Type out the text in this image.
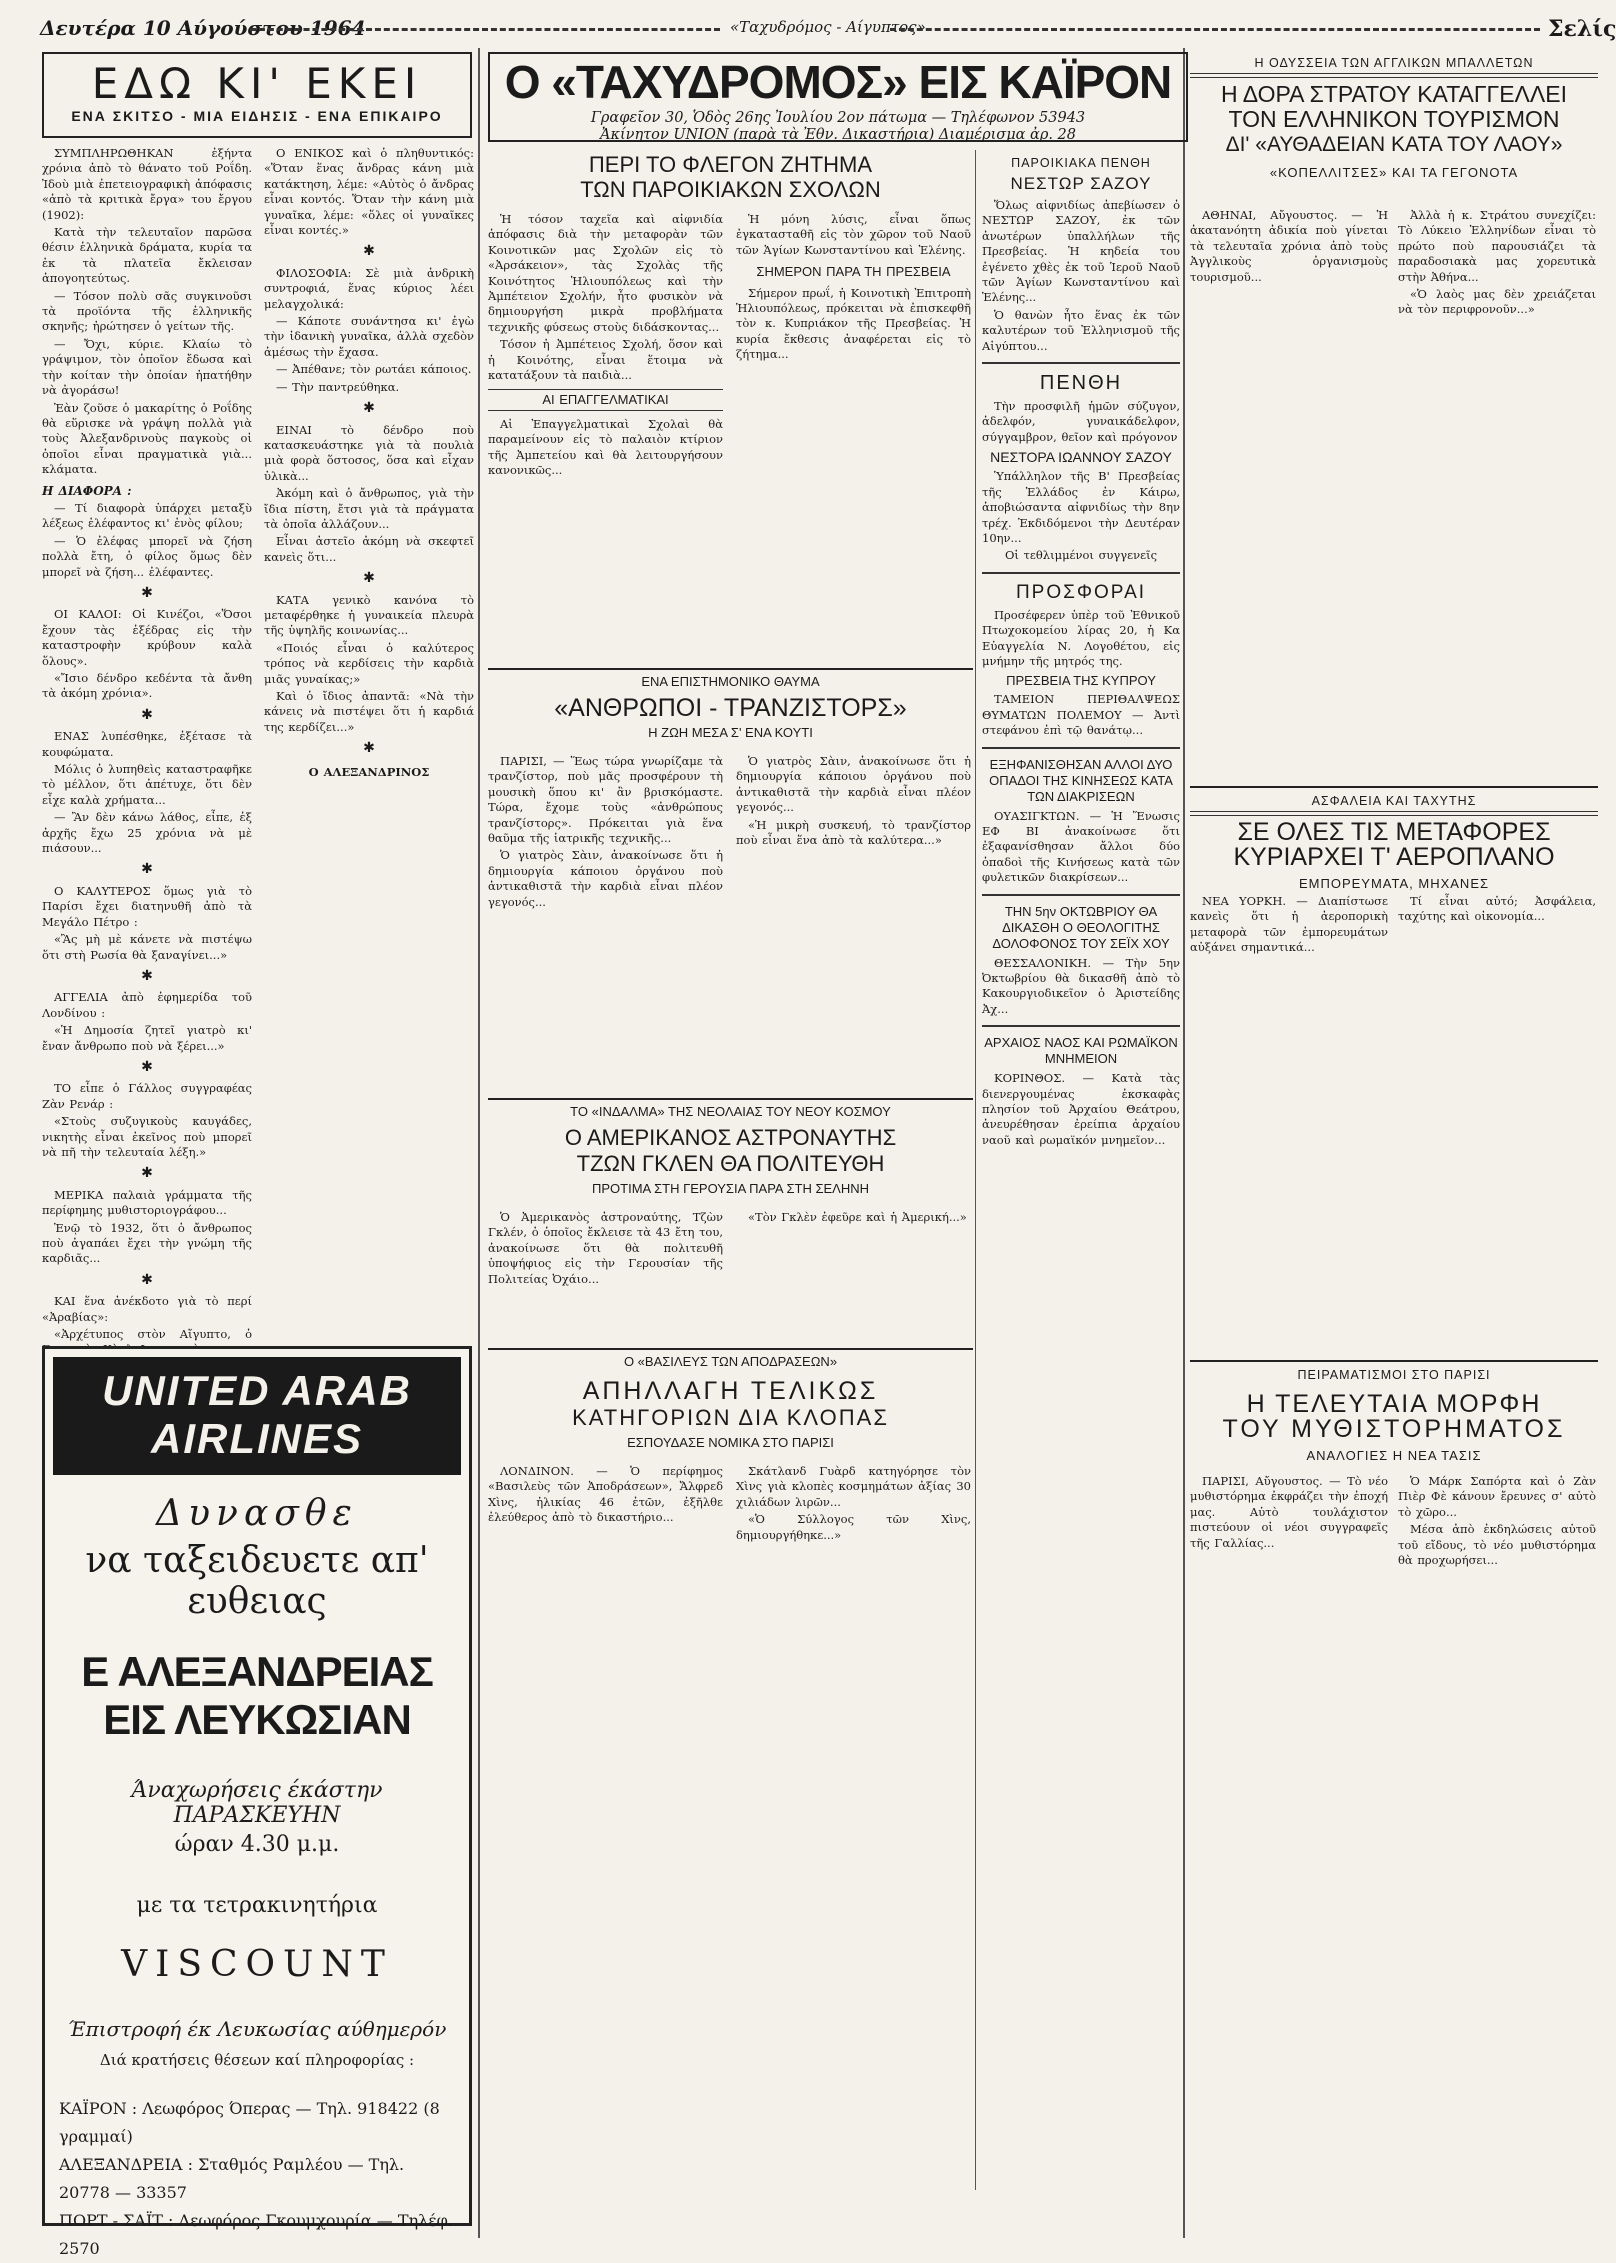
Δευτέρα 10 Αύγούστου 1964	«Ταχυδρόμος - Αίγυπτος»	Σελίς
ΕΔΩ ΚΙ' ΕΚΕΙ
ΕΝΑ ΣΚΙΤΣΟ - ΜΙΑ ΕΙΔΗΣΙΣ - ΕΝΑ ΕΠΙΚΑΙΡΟ

ΣΥΜΠΛΗΡΩΘΗΚΑΝ ἐξήντα χρόνια ἀπὸ τὸ θάνατο τοῦ Ροΐδη. Ἰδοὺ μιὰ ἐπετειογραφικὴ ἀπόφασις «ἀπὸ τὰ κριτικὰ ἔργα» του ἔργου (1902):

Κατὰ τὴν τελευταῖον παρῶσα θέσιν ἑλληνικὰ δράματα, κυρία τα ἐκ τὰ πλατεῖα ἔκλεισαν ἀπογοητεύτως.

— Τόσον πολὺ σᾶς συγκινοῦσι τὰ προϊόντα τῆς ἑλληνικῆς σκηνῆς; ἠρώτησεν ὁ γείτων τῆς.

— Ὄχι, κύριε. Κλαίω τὸ γράψιμον, τὸν ὁποῖον ἔδωσα καὶ τὴν κοίταν τὴν ὁποίαν ἠπατήθην νὰ ἀγοράσω!

Ἐὰν ζοῦσε ὁ μακαρίτης ὁ Ροΐδης θὰ εὕρισκε νὰ γράψη πολλὰ γιὰ τοὺς Ἀλεξανδρινοὺς παγκοὺς οἱ ὁποῖοι εἶναι πραγματικὰ γιὰ... κλάματα.

Η ΔΙΑΦΟΡΑ :

— Τί διαφορὰ ὑπάρχει μεταξὺ λέξεως ἐλέφαντος κι' ἑνὸς φίλου;

— Ὁ ἐλέφας μπορεῖ νὰ ζήση πολλὰ ἔτη, ὁ φίλος ὅμως δὲν μπορεῖ νὰ ζήση... ἐλέφαντες.

✱

ΟΙ ΚΑΛΟΙ: Οἱ Κινέζοι, «Ὅσοι ἔχουν τὰς ἐξέδρας εἰς τὴν καταστροφὴν κρύβουν καλὰ ὅλους».

«Ἴσιο δένδρο κεδέντα τὰ ἄνθη τὰ ἀκόμη χρόνια».

✱

ΕΝΑΣ λυπέσθηκε, ἐξέτασε τὰ κουφώματα.

Μόλις ὁ λυπηθεὶς καταστραφῆκε τὸ μέλλον, ὅτι ἀπέτυχε, ὅτι δὲν εἶχε καλὰ χρήματα...

— Ἂν δὲν κάνω λάθος, εἶπε, ἐξ ἀρχῆς ἔχω 25 χρόνια νὰ μὲ πιάσουν...

✱

Ο ΚΑΛΥΤΕΡΟΣ ὅμως γιὰ τὸ Παρίσι ἔχει διατηνυθῆ ἀπὸ τὰ Μεγάλο Πέτρο :

«Ἂς μὴ μὲ κάνετε νὰ πιστέψω ὅτι στὴ Ρωσία θὰ ξαναγίνει...»

✱

ΑΓΓΕΛΙΑ ἀπὸ ἐφημερίδα τοῦ Λονδίνου :

«Ἡ Δημοσία ζητεῖ γιατρὸ κι' ἔναν ἄνθρωπο ποὺ νὰ ξέρει...»

✱

ΤΟ εἶπε ὁ Γάλλος συγγραφέας Ζὰν Ρενάρ :

«Στοὺς συζυγικοὺς καυγάδες, νικητὴς εἶναι ἐκεῖνος ποὺ μπορεῖ νὰ πῆ τὴν τελευταία λέξη.»

✱

ΜΕΡΙΚΑ παλαιὰ γράμματα τῆς περίφημης μυθιστοριογράφου...

Ἐνῷ τὸ 1932, ὅτι ὁ ἄνθρωπος ποὺ ἀγαπάει ἔχει τὴν γνώμη τῆς καρδιᾶς...

✱

ΚΑΙ ἕνα ἀνέκδοτο γιὰ τὸ περί «Ἀραβίας»:

«Ἀρχέτυπος στὸν Αἴγυπτο, ὁ

Ο ΕΝΙΚΟΣ καὶ ὁ πληθυντικός: «Ὅταν ἕνας ἄνδρας κάνη μιὰ κατάκτηση, λέμε: «Αὐτὸς ὁ ἄνδρας εἶναι κοντός. Ὅταν τὴν κάνη μιὰ γυναῖκα, λέμε: «ὅλες οἱ γυναῖκες εἶναι κοντές.»

✱

ΦΙΛΟΣΟΦΙΑ: Σὲ μιὰ ἀνδρικὴ συντροφιά, ἕνας κύριος λέει μελαγχολικά:

— Κάποτε συνάντησα κι' ἐγὼ τὴν ἰδανικὴ γυναῖκα, ἀλλὰ σχεδὸν ἀμέσως τὴν ἔχασα.

— Ἀπέθανε; τὸν ρωτάει κάποιος.

— Τὴν παντρεύθηκα.

✱

ΕΙΝΑΙ τὸ δένδρο ποὺ κατασκευάστηκε γιὰ τὰ πουλιὰ μιὰ φορὰ ὅστοσος, ὅσα καὶ εἶχαν ὑλικὰ...

Ἀκόμη καὶ ὁ ἄνθρωπος, γιὰ τὴν ἴδια πίστη, ἔτσι γιὰ τὰ πράγματα τὰ ὁποῖα ἀλλάζουν...

Εἶναι ἀστεῖο ἀκόμη νὰ σκεφτεῖ κανεὶς ὅτι...

✱

ΚΑΤΑ γενικὸ κανόνα τὸ μεταφέρθηκε ἡ γυναικεία πλευρὰ τῆς ὑψηλῆς κοινωνίας...

«Ποιός εἶναι ὁ καλύτερος τρόπος νὰ κερδίσεις τὴν καρδιὰ μιᾶς γυναίκας;»

Καὶ ὁ ἴδιος ἀπαντᾶ: «Νὰ τὴν κάνεις νὰ πιστέψει ὅτι ἡ καρδιά της κερδίζει...»

✱
Ο ΑΛΕΞΑΝΔΡΙΝΟΣ
UNITED ARAB AIRLINES
Δυνασθε
να ταξειδευετε απ' ευθειας
Ε ΑΛΕΞΑΝΔΡΕΙΑΣ ΕΙΣ ΛΕΥΚΩΣΙΑΝ
Άναχωρήσεις έκάστην ΠΑΡΑΣΚΕΥΗΝ
ώραν 4.30 μ.μ.
με τα τετρακινητήρια
VISCOUNT
Έπιστροφή έκ Λευκωσίας αύθημερόν
Διά κρατήσεις θέσεων καί πληροφορίας :
ΚΑΪΡΟΝ : Λεωφόρος Όπερας — Τηλ. 918422 (8 γραμμαί)
ΑΛΕΞΑΝΔΡΕΙΑ : Σταθμός Ραμλέου — Τηλ. 20778 — 33357
ΠΟΡΤ - ΣΑΪΤ : Λεωφόρος Γκουμχουρία — Τηλέφ. 2570
Ο «ΤΑΧΥΔΡΟΜΟΣ» ΕΙΣ ΚΑΪΡΟΝ
Γραφεῖον 30, Ὁδὸς 26ης Ἰουλίου 2ον πάτωμα — Τηλέφωνον 53943
Ἀκίνητον UNION (παρὰ τὰ Ἐθν. Δικαστήρια) Διαμέρισμα ἀρ. 28
ΠΕΡΙ ΤΟ ΦΛΕΓΟΝ ΖΗΤΗΜΑ
ΤΩΝ ΠΑΡΟΙΚΙΑΚΩΝ ΣΧΟΛΩΝ

Ἡ τόσον ταχεῖα καὶ αἰφνιδία ἀπόφασις διὰ τὴν μεταφορὰν τῶν Κοινοτικῶν μας Σχολῶν εἰς τὸ «Ἀρσάκειον», τὰς Σχολὰς τῆς Κοινότητος Ἡλιουπόλεως καὶ τὴν Ἀμπέτειον Σχολήν, ἦτο φυσικὸν νὰ δημιουργήση μικρὰ προβλήματα τεχνικῆς φύσεως στοὺς διδάσκοντας...

Τόσον ἡ Ἀμπέτειος Σχολή, ὅσον καὶ ἡ Κοινότης, εἶναι ἕτοιμα νὰ κατατάξουν τὰ παιδιὰ...

ΑΙ ΕΠΑΓΓΕΛΜΑΤΙΚΑΙ

Αἱ Ἐπαγγελματικαὶ Σχολαὶ θὰ παραμείνουν εἰς τὸ παλαιὸν κτίριον τῆς Ἀμπετείου καὶ θὰ λειτουργήσουν κανονικῶς...

Ἡ μόνη λύσις, εἶναι ὅπως ἐγκατασταθῆ εἰς τὸν χῶρον τοῦ Ναοῦ τῶν Ἁγίων Κωνσταντίνου καὶ Ἑλένης.

ΣΗΜΕΡΟΝ ΠΑΡΑ ΤΗ ΠΡΕΣΒΕΙΑ

Σήμερον πρωΐ, ἡ Κοινοτικὴ Ἐπιτροπὴ Ἡλιουπόλεως, πρόκειται νὰ ἐπισκεφθῆ τὸν κ. Κυπριάκον τῆς Πρεσβείας. Ἡ κυρία ἔκθεσις ἀναφέρεται εἰς τὸ ζήτημα...

ΕΝΑ ΕΠΙΣΤΗΜΟΝΙΚΟ ΘΑΥΜΑ
«ΑΝΘΡΩΠΟΙ - ΤΡΑΝΖΙΣΤΟΡΣ»
Η ΖΩΗ ΜΕΣΑ Σ' ΕΝΑ ΚΟΥΤΙ

ΠΑΡΙΣΙ, — Ἕως τώρα γνωρίζαμε τὰ τρανζίστορ, ποὺ μᾶς προσφέρουν τὴ μουσικὴ ὅπου κι' ἂν βρισκόμαστε. Τώρα, ἔχομε τοὺς «ἀνθρώπους τρανζίστορς». Πρόκειται γιὰ ἕνα θαῦμα τῆς ἰατρικῆς τεχνικῆς...

Ὁ γιατρὸς Σὰιν, ἀνακοίνωσε ὅτι ἡ δημιουργία κάποιου ὀργάνου ποὺ ἀντικαθιστᾶ τὴν καρδιὰ εἶναι πλέον γεγονός...

Ὁ γιατρὸς Σὰιν, ἀνακοίνωσε ὅτι ἡ δημιουργία κάποιου ὀργάνου ποὺ ἀντικαθιστᾶ τὴν καρδιὰ εἶναι πλέον γεγονός...

«Ἡ μικρὴ συσκευή, τὸ τρανζίστορ ποὺ εἶναι ἕνα ἀπὸ τὰ καλύτερα...»

ΤΟ «ΙΝΔΑΛΜΑ» ΤΗΣ ΝΕΟΛΑΙΑΣ ΤΟΥ ΝΕΟΥ ΚΟΣΜΟΥ
Ο ΑΜΕΡΙΚΑΝΟΣ ΑΣΤΡΟΝΑΥΤΗΣ
ΤΖΩΝ ΓΚΛΕΝ ΘΑ ΠΟΛΙΤΕΥΘΗ
ΠΡΟΤΙΜΑ ΣΤΗ ΓΕΡΟΥΣΙΑ ΠΑΡΑ ΣΤΗ ΣΕΛΗΝΗ

Ὁ Ἀμερικανὸς ἀστροναύτης, Τζὼν Γκλέν, ὁ ὁποῖος ἔκλεισε τὰ 43 ἔτη του, ἀνακοίνωσε ὅτι θὰ πολιτευθῆ ὑποψήφιος εἰς τὴν Γερουσίαν τῆς Πολιτείας Ὀχάιο...

«Τὸν Γκλὲν ἐφεῦρε καὶ ἡ Ἀμερική...»

Ο «ΒΑΣΙΛΕΥΣ ΤΩΝ ΑΠΟΔΡΑΣΕΩΝ»
ΑΠΗΛΛΑΓΗ ΤΕΛΙΚΩΣ
ΚΑΤΗΓΟΡΙΩΝ ΔΙΑ ΚΛΟΠΑΣ
ΕΣΠΟΥΔΑΣΕ ΝΟΜΙΚΑ ΣΤΟ ΠΑΡΙΣΙ

ΛΟΝΔΙΝΟΝ. — Ὁ περίφημος «Βασιλεὺς τῶν Ἀποδράσεων», Ἄλφρεδ Χὶνς, ἠλικίας 46 ἐτῶν, ἐξῆλθε ἐλεύθερος ἀπὸ τὸ δικαστήριο...

Σκάτλανδ Γυὰρδ κατηγόρησε τὸν Χὶνς γιὰ κλοπὲς κοσμημάτων ἀξίας 30 χιλιάδων λιρῶν...

«Ὁ Σύλλογος τῶν Χὶνς, δημιουργήθηκε...»

ΠΑΡΟΙΚΙΑΚΑ ΠΕΝΘΗ
ΝΕΣΤΩΡ ΣΑΖΟΥ

Ὅλως αἰφνιδίως ἀπεβίωσεν ὁ ΝΕΣΤΩΡ ΣΑΖΟΥ, ἐκ τῶν ἀνωτέρων ὑπαλλήλων τῆς Πρεσβείας. Ἡ κηδεία του ἐγένετο χθὲς ἐκ τοῦ Ἱεροῦ Ναοῦ τῶν Ἁγίων Κωνσταντίνου καὶ Ἑλένης...

Ὁ θανὼν ἦτο ἕνας ἐκ τῶν καλυτέρων τοῦ Ἑλληνισμοῦ τῆς Αἰγύπτου...

ΠΕΝΘΗ

Τὴν προσφιλῆ ἡμῶν σύζυγον, ἀδελφόν, γυναικάδελφον, σύγγαμβρον, θεῖον καὶ πρόγονον

ΝΕΣΤΟΡΑ ΙΩΑΝΝΟΥ ΣΑΖΟΥ

Ὑπάλληλον τῆς Β' Πρεσβείας τῆς Ἑλλάδος ἐν Κάιρω, ἀποβιώσαντα αἰφνιδίως τὴν 8ην τρέχ. Ἐκδιδόμενοι τὴν Δευτέραν 10ην...

Οἱ τεθλιμμένοι συγγενεῖς

ΠΡΟΣΦΟΡΑΙ

Προσέφερεν ὑπὲρ τοῦ Ἐθνικοῦ Πτωχοκομείου λίρας 20, ἡ Κα Εὐαγγελία Ν. Λογοθέτου, εἰς μνήμην τῆς μητρός της.

ΠΡΕΣΒΕΙΑ ΤΗΣ ΚΥΠΡΟΥ

ΤΑΜΕΙΟΝ ΠΕΡΙΘΑΛΨΕΩΣ ΘΥΜΑΤΩΝ ΠΟΛΕΜΟΥ — Ἀντὶ στεφάνου ἐπὶ τῷ θανάτῳ...

ΕΞΗΦΑΝΙΣΘΗΣΑΝ ΑΛΛΟΙ ΔΥΟ ΟΠΑΔΟΙ ΤΗΣ ΚΙΝΗΣΕΩΣ ΚΑΤΑ ΤΩΝ ΔΙΑΚΡΙΣΕΩΝ

ΟΥΑΣΙΓΚΤΩΝ. — Ἡ Ἕνωσις ΕΦ ΒΙ ἀνακοίνωσε ὅτι ἐξαφανίσθησαν ἄλλοι δύο ὀπαδοὶ τῆς Κινήσεως κατὰ τῶν φυλετικῶν διακρίσεων...

ΤΗΝ 5ην ΟΚΤΩΒΡΙΟΥ ΘΑ ΔΙΚΑΣΘΗ Ο ΘΕΟΛΟΓΙΤΗΣ ΔΟΛΟΦΟΝΟΣ ΤΟΥ ΣΕΪΧ ΧΟΥ

ΘΕΣΣΑΛΟΝΙΚΗ. — Τὴν 5ην Ὀκτωβρίου θὰ δικασθῆ ἀπὸ τὸ Κακουργιοδικεῖον ὁ Ἀριστείδης Ἀχ...

ΑΡΧΑΙΟΣ ΝΑΟΣ ΚΑΙ ΡΩΜΑΪΚΟΝ ΜΝΗΜΕΙΟΝ

ΚΟΡΙΝΘΟΣ. — Κατὰ τὰς διενεργουμένας ἐκσκαφὰς πλησίον τοῦ Ἀρχαίου Θεάτρου, ἀνευρέθησαν ἐρείπια ἀρχαίου ναοῦ καὶ ρωμαϊκόν μνημεῖον...

Η ΟΔΥΣΣΕΙΑ ΤΩΝ ΑΓΓΛΙΚΩΝ ΜΠΑΛΛΕΤΩΝ
Η ΔΟΡΑ ΣΤΡΑΤΟΥ ΚΑΤΑΓΓΕΛΛΕΙ
ΤΟΝ ΕΛΛΗΝΙΚΟΝ ΤΟΥΡΙΣΜΟΝ
ΔΙ' «ΑΥΘΑΔΕΙΑΝ ΚΑΤΑ ΤΟΥ ΛΑΟΥ»
«ΚΟΠΕΛΛΙΤΣΕΣ» ΚΑΙ ΤΑ ΓΕΓΟΝΟΤΑ

ΑΘΗΝΑΙ, Αὔγουστος. — Ἡ ἀκατανόητη ἀδικία ποὺ γίνεται τὰ τελευταῖα χρόνια ἀπὸ τοὺς Ἀγγλικοὺς ὀργανισμοὺς τουρισμοῦ...

Ἀλλὰ ἡ κ. Στράτου συνεχίζει: Τὸ Λύκειο Ἑλληνίδων εἶναι τὸ πρώτο ποὺ παρουσιάζει τὰ παραδοσιακὰ μας χορευτικὰ στὴν Ἀθήνα...

«Ὁ λαὸς μας δὲν χρειάζεται νὰ τὸν περιφρονοῦν...»

ΑΣΦΑΛΕΙΑ ΚΑΙ ΤΑΧΥΤΗΣ
ΣΕ ΟΛΕΣ ΤΙΣ ΜΕΤΑΦΟΡΕΣ
ΚΥΡΙΑΡΧΕΙ Τ' ΑΕΡΟΠΛΑΝΟ
ΕΜΠΟΡΕΥΜΑΤΑ, ΜΗΧΑΝΕΣ

ΝΕΑ ΥΟΡΚΗ. — Διαπίστωσε κανεὶς ὅτι ἡ ἀεροπορικὴ μεταφορὰ τῶν ἐμπορευμάτων αὐξάνει σημαντικά...

Τί εἶναι αὐτό; Ἀσφάλεια, ταχύτης καὶ οἰκονομία...

ΠΕΙΡΑΜΑΤΙΣΜΟΙ ΣΤΟ ΠΑΡΙΣΙ
Η ΤΕΛΕΥΤΑΙΑ ΜΟΡΦΗ
ΤΟΥ ΜΥΘΙΣΤΟΡΗΜΑΤΟΣ
ΑΝΑΛΟΓΙΕΣ Η ΝΕΑ ΤΑΣΙΣ

ΠΑΡΙΣΙ, Αὔγουστος. — Τὸ νέο μυθιστόρημα ἐκφράζει τὴν ἐποχή μας. Αὐτὸ τουλάχιστον πιστεύουν οἱ νέοι συγγραφεῖς τῆς Γαλλίας...

Ὁ Μάρκ Σαπόρτα καὶ ὁ Ζὰν Πιὲρ Φὲ κάνουν ἔρευνες σ' αὐτὸ τὸ χῶρο...

Μέσα ἀπὸ ἐκδηλώσεις αὐτοῦ τοῦ εἴδους, τὸ νέο μυθιστόρημα θὰ προχωρήσει...
